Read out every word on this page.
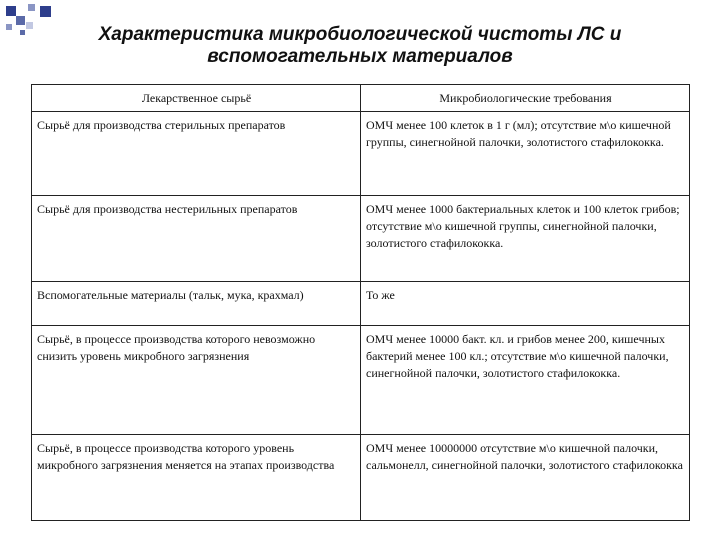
Характеристика микробиологической чистоты ЛС и
вспомогательных материалов
Лекарственное сырьё	Микробиологические требования
Сырьё для производства стерильных препаратов	ОМЧ менее 100 клеток в 1 г (мл); отсутствие м\о кишечной группы, синегнойной палочки, золотистого стафилококка.
Сырьё для производства нестерильных препаратов	ОМЧ менее 1000 бактериальных клеток и 100 клеток грибов; отсутствие м\о кишечной группы, синегнойной палочки, золотистого стафилококка.
Вспомогательные материалы (тальк, мука, крахмал)	То же
Сырьё, в процессе производства которого невозможно снизить уровень микробного загрязнения	ОМЧ менее 10000 бакт. кл. и грибов менее 200, кишечных бактерий менее 100 кл.; отсутствие м\о кишечной палочки, синегнойной палочки, золотистого стафилококка.
Сырьё, в процессе производства которого уровень микробного загрязнения меняется на этапах производства	ОМЧ менее 10000000 отсутствие м\о кишечной палочки, сальмонелл, синегнойной палочки, золотистого стафилококка
